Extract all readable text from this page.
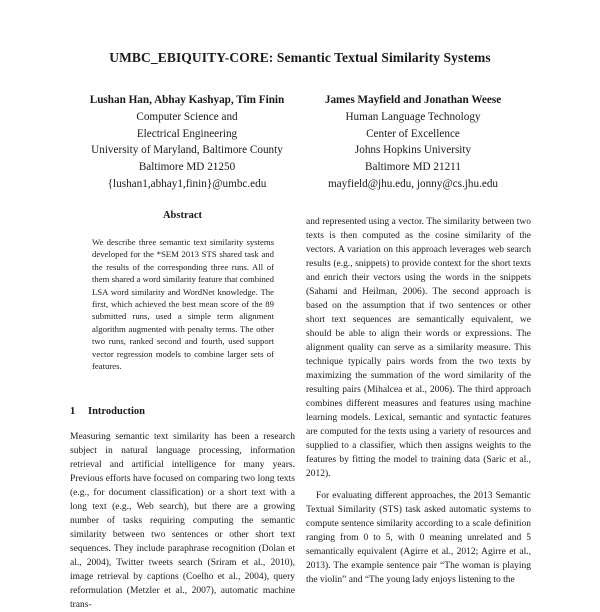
UMBC_EBIQUITY-CORE: Semantic Textual Similarity Systems
Lushan Han, Abhay Kashyap, Tim Finin
Computer Science and
Electrical Engineering
University of Maryland, Baltimore County
Baltimore MD 21250
{lushan1,abhay1,finin}@umbc.edu
James Mayfield and Jonathan Weese
Human Language Technology
Center of Excellence
Johns Hopkins University
Baltimore MD 21211
mayfield@jhu.edu, jonny@cs.jhu.edu
Abstract
We describe three semantic text similarity systems developed for the *SEM 2013 STS shared task and the results of the corresponding three runs. All of them shared a word similarity feature that combined LSA word similarity and WordNet knowledge. The first, which achieved the best mean score of the 89 submitted runs, used a simple term alignment algorithm augmented with penalty terms. The other two runs, ranked second and fourth, used support vector regression models to combine larger sets of features.
1 Introduction

Measuring semantic text similarity has been a research subject in natural language processing, information retrieval and artificial intelligence for many years. Previous efforts have focused on comparing two long texts (e.g., for document classification) or a short text with a long text (e.g., Web search), but there are a growing number of tasks requiring computing the semantic similarity between two sentences or other short text sequences. They include paraphrase recognition (Dolan et al., 2004), Twitter tweets search (Sriram et al., 2010), image retrieval by captions (Coelho et al., 2004), query reformulation (Metzler et al., 2007), automatic machine trans-

and represented using a vector. The similarity between two texts is then computed as the cosine similarity of the vectors. A variation on this approach leverages web search results (e.g., snippets) to provide context for the short texts and enrich their vectors using the words in the snippets (Sahami and Heilman, 2006). The second approach is based on the assumption that if two sentences or other short text sequences are semantically equivalent, we should be able to align their words or expressions. The alignment quality can serve as a similarity measure. This technique typically pairs words from the two texts by maximizing the summation of the word similarity of the resulting pairs (Mihalcea et al., 2006). The third approach combines different measures and features using machine learning models. Lexical, semantic and syntactic features are computed for the texts using a variety of resources and supplied to a classifier, which then assigns weights to the features by fitting the model to training data (Saric et al., 2012).

For evaluating different approaches, the 2013 Semantic Textual Similarity (STS) task asked automatic systems to compute sentence similarity according to a scale definition ranging from 0 to 5, with 0 meaning unrelated and 5 semantically equivalent (Agirre et al., 2012; Agirre et al., 2013). The example sentence pair “The woman is playing the violin” and “The young lady enjoys listening to the
